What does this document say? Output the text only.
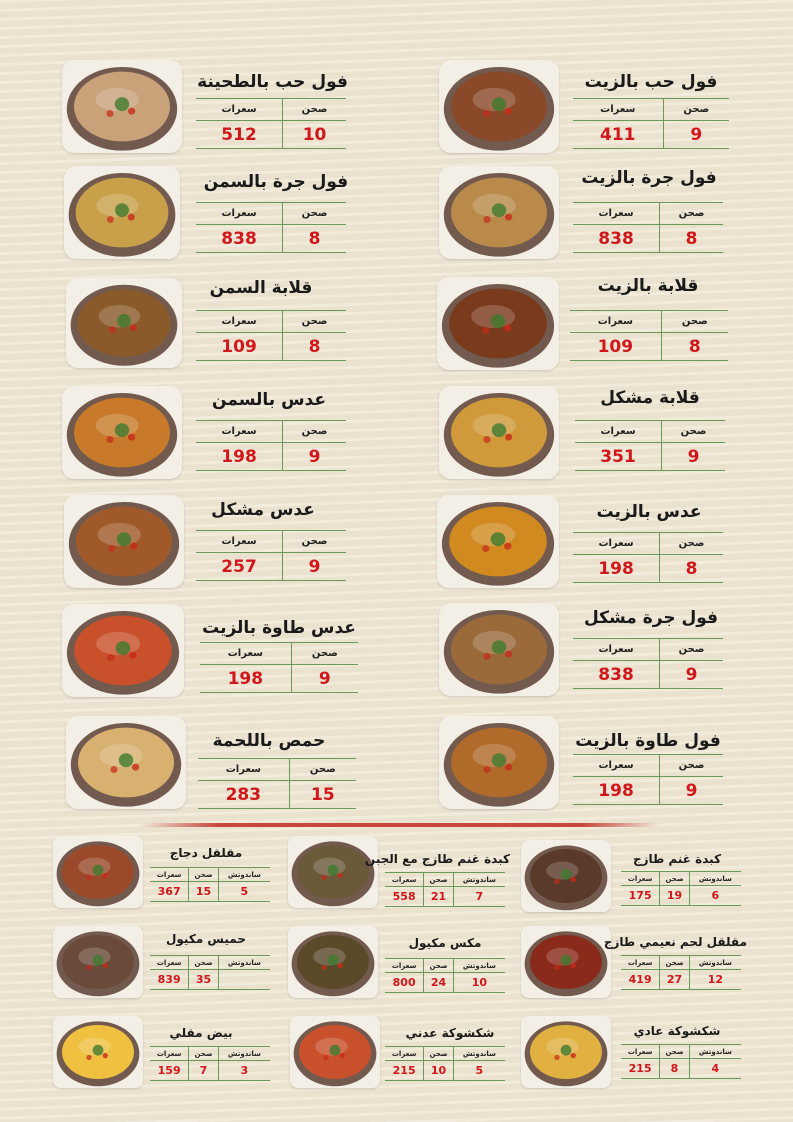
فول حب بالزيت
صحن	سعرات
9	411
فول حب بالطحينة
صحن	سعرات
10	512
فول جرة بالزيت
صحن	سعرات
8	838
فول جرة بالسمن
صحن	سعرات
8	838
قلابة بالزيت
صحن	سعرات
8	109
قلابة السمن
صحن	سعرات
8	109
قلابة مشكل
صحن	سعرات
9	351
عدس بالسمن
صحن	سعرات
9	198
عدس بالزيت
صحن	سعرات
8	198
عدس مشكل
صحن	سعرات
9	257
فول جرة مشكل
صحن	سعرات
9	838
عدس طاوة بالزيت
صحن	سعرات
9	198
فول طاوة بالزيت
صحن	سعرات
9	198
حمص باللحمة
صحن	سعرات
15	283
كبدة غنم طازج
ساندوتش	صحن	سعرات
6	19	175
كبدة غنم طازج مع الجبن
ساندوتش	صحن	سعرات
7	21	558
مقلقل دجاج
ساندوتش	صحن	سعرات
5	15	367
مقلقل لحم نعيمي طازج
ساندوتش	صحن	سعرات
12	27	419
مكس مكيول
ساندوتش	صحن	سعرات
10	24	800
حميس مكيول
ساندوتش	صحن	سعرات
	35	839
شكشوكة عادي
ساندوتش	صحن	سعرات
4	8	215
شكشوكة عدني
ساندوتش	صحن	سعرات
5	10	215
بيض مقلي
ساندوتش	صحن	سعرات
3	7	159
